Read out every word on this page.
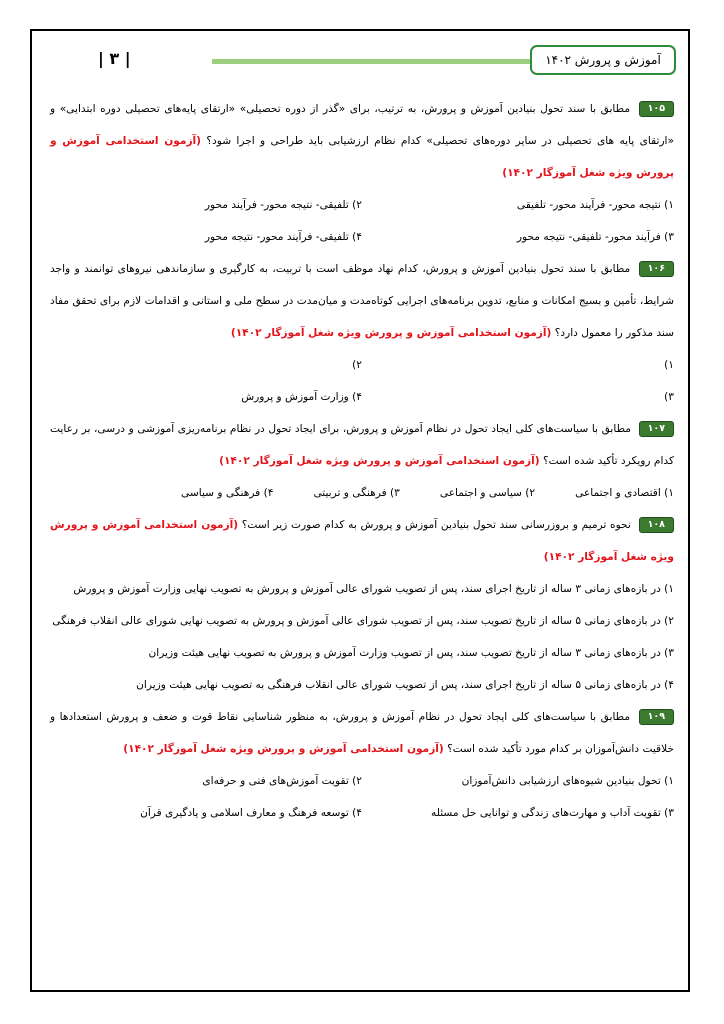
آموزش و پرورش ۱۴۰۲
| ۳ |

۱۰۵ مطابق با سند تحول بنیادین آموزش و پرورش، به ترتیب، برای «گذر از دوره تحصیلی» «ارتقای پایه‌های تحصیلی دوره ابتدایی» و «ارتقای پایه های تحصیلی در سایر دوره‌های تحصیلی» کدام نظام ارزشیابی باید طراحی و اجرا شود؟ (آزمون استخدامی آموزش و پرورش ویژه شغل آموزگار ۱۴۰۲)

۱) نتیجه محور- فرآیند محور- تلفیقی
۲) تلفیقی- نتیجه محور- فرآیند محور
۳) فرآیند محور- تلفیقی- نتیجه محور
۴) تلفیقی- فرآیند محور- نتیجه محور

۱۰۶ مطابق با سند تحول بنیادین آموزش و پرورش، کدام نهاد موظف است با تربیت، به کارگیری و سازماندهی نیروهای توانمند و واجد شرایط، تأمین و بسیج امکانات و منابع، تدوین برنامه‌های اجرایی کوتاه‌مدت و میان‌مدت در سطح ملی و استانی و اقدامات لازم برای تحقق مفاد سند مذکور را معمول دارد؟ (آزمون استخدامی آموزش و پرورش ویژه شغل آموزگار ۱۴۰۲)

۱)
۲)
۳)
۴) وزارت آموزش و پرورش

۱۰۷ مطابق با سیاست‌های کلی ایجاد تحول در نظام آموزش و پرورش، برای ایجاد تحول در نظام برنامه‌ریزی آموزشی و درسی، بر رعایت کدام رویکرد تأکید شده است؟ (آزمون استخدامی آموزش و پرورش ویژه شغل آموزگار ۱۴۰۲)

۱) اقتصادی و اجتماعی
۲) سیاسی و اجتماعی
۳) فرهنگی و تربیتی
۴) فرهنگی و سیاسی

۱۰۸ نحوه ترمیم و بروزرسانی سند تحول بنیادین آموزش و پرورش به کدام صورت زیر است؟ (آزمون استخدامی آموزش و پرورش ویژه شغل آموزگار ۱۴۰۲)

۱) در بازه‌های زمانی ۳ ساله از تاریخ اجرای سند، پس از تصویب شورای عالی آموزش و پرورش به تصویب نهایی وزارت آموزش و پرورش

۲) در بازه‌های زمانی ۵ ساله از تاریخ تصویب سند، پس از تصویب شورای عالی آموزش و پرورش به تصویب نهایی شورای عالی انقلاب فرهنگی

۳) در بازه‌های زمانی ۳ ساله از تاریخ تصویب سند، پس از تصویب وزارت آموزش و پرورش به تصویب نهایی هیئت وزیران

۴) در بازه‌های زمانی ۵ ساله از تاریخ اجرای سند، پس از تصویب شورای عالی انقلاب فرهنگی به تصویب نهایی هیئت وزیران

۱۰۹ مطابق با سیاست‌های کلی ایجاد تحول در نظام آموزش و پرورش، به منظور شناسایی نقاط قوت و ضعف و پرورش استعدادها و خلاقیت دانش‌آموزان بر کدام مورد تأکید شده است؟ (آزمون استخدامی آموزش و پرورش ویژه شغل آموزگار ۱۴۰۲)

۱) تحول بنیادین شیوه‌های ارزشیابی دانش‌آموزان
۲) تقویت آموزش‌های فنی و حرفه‌ای
۳) تقویت آداب و مهارت‌های زندگی و توانایی حل مسئله
۴) توسعه فرهنگ و معارف اسلامی و یادگیری قرآن
